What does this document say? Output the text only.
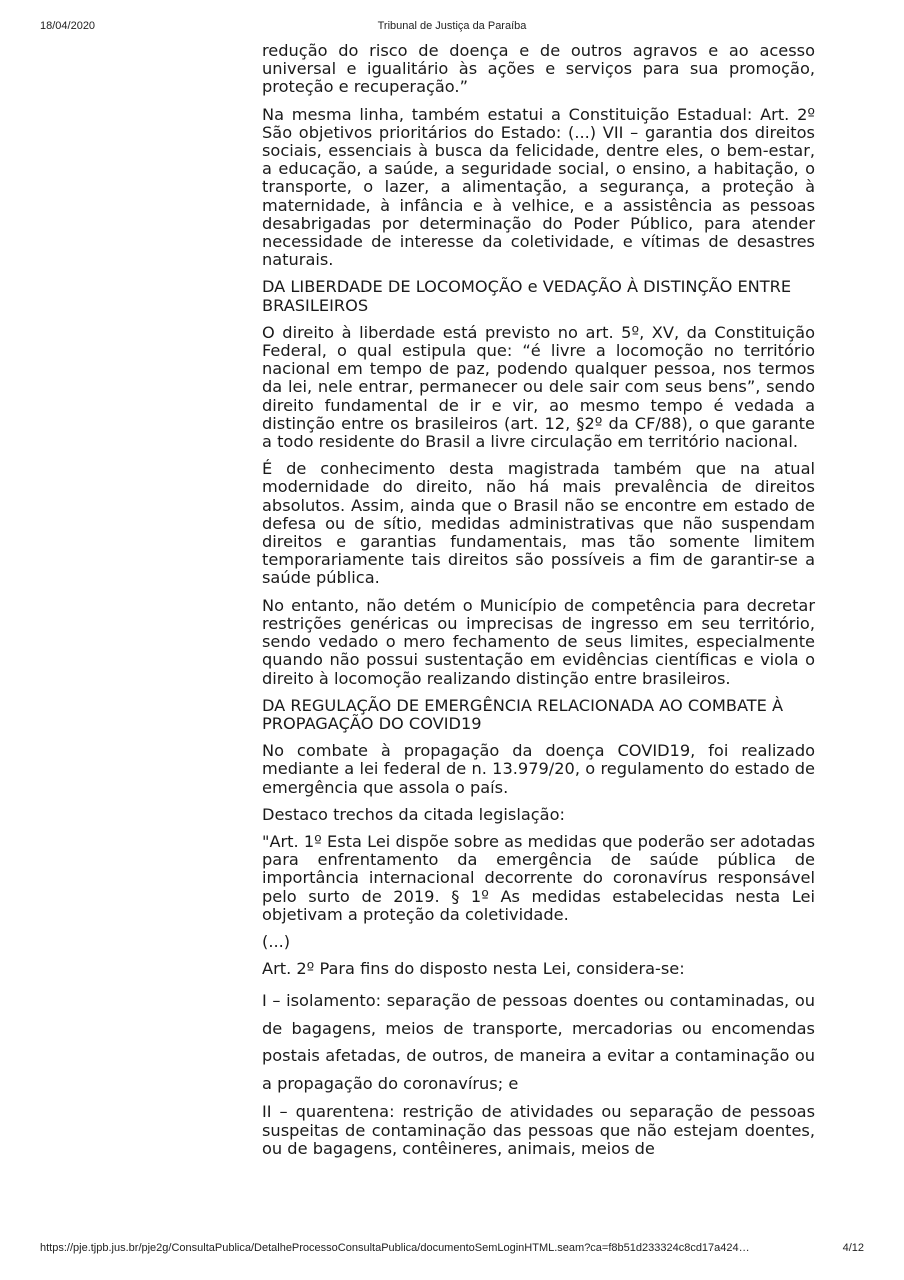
18/04/2020	Tribunal de Justiça da Paraíba

redução do risco de doença e de outros agravos e ao acesso universal e igualitário às ações e serviços para sua promoção, proteção e recuperação.”

Na mesma linha, também estatui a Constituição Estadual: Art. 2º São objetivos prioritários do Estado: (...) VII – garantia dos direitos sociais, essenciais à busca da felicidade, dentre eles, o bem-estar, a educação, a saúde, a seguridade social, o ensino, a habitação, o transporte, o lazer, a alimentação, a segurança, a proteção à maternidade, à infância e à velhice, e a assistência as pessoas desabrigadas por determinação do Poder Público, para atender necessidade de interesse da coletividade, e vítimas de desastres naturais.

DA LIBERDADE DE LOCOMOÇÃO e VEDAÇÃO À DISTINÇÃO ENTRE BRASILEIROS

O direito à liberdade está previsto no art. 5º, XV, da Constituição Federal, o qual estipula que: “é livre a locomoção no território nacional em tempo de paz, podendo qualquer pessoa, nos termos da lei, nele entrar, permanecer ou dele sair com seus bens”, sendo direito fundamental de ir e vir, ao mesmo tempo é vedada a distinção entre os brasileiros (art. 12, §2º da CF/88), o que garante a todo residente do Brasil a livre circulação em território nacional.

É de conhecimento desta magistrada também que na atual modernidade do direito, não há mais prevalência de direitos absolutos. Assim, ainda que o Brasil não se encontre em estado de defesa ou de sítio, medidas administrativas que não suspendam direitos e garantias fundamentais, mas tão somente limitem temporariamente tais direitos são possíveis a fim de garantir-se a saúde pública.

No entanto, não detém o Município de competência para decretar restrições genéricas ou imprecisas de ingresso em seu território, sendo vedado o mero fechamento de seus limites, especialmente quando não possui sustentação em evidências científicas e viola o direito à locomoção realizando distinção entre brasileiros.

DA REGULAÇÃO DE EMERGÊNCIA RELACIONADA AO COMBATE À PROPAGAÇÃO DO COVID19

No combate à propagação da doença COVID19, foi realizado mediante a lei federal de n. 13.979/20, o regulamento do estado de emergência que assola o país.

Destaco trechos da citada legislação:

"Art. 1º Esta Lei dispõe sobre as medidas que poderão ser adotadas para enfrentamento da emergência de saúde pública de importância internacional decorrente do coronavírus responsável pelo surto de 2019. § 1º As medidas estabelecidas nesta Lei objetivam a proteção da coletividade.

(...)

Art. 2º Para fins do disposto nesta Lei, considera-se:

I – isolamento: separação de pessoas doentes ou contaminadas, ou de bagagens, meios de transporte, mercadorias ou encomendas postais afetadas, de outros, de maneira a evitar a contaminação ou a propagação do coronavírus; e

II – quarentena: restrição de atividades ou separação de pessoas suspeitas de contaminação das pessoas que não estejam doentes, ou de bagagens, contêineres, animais, meios de

https://pje.tjpb.jus.br/pje2g/ConsultaPublica/DetalheProcessoConsultaPublica/documentoSemLoginHTML.seam?ca=f8b51d233324c8cd17a424…	4/12
